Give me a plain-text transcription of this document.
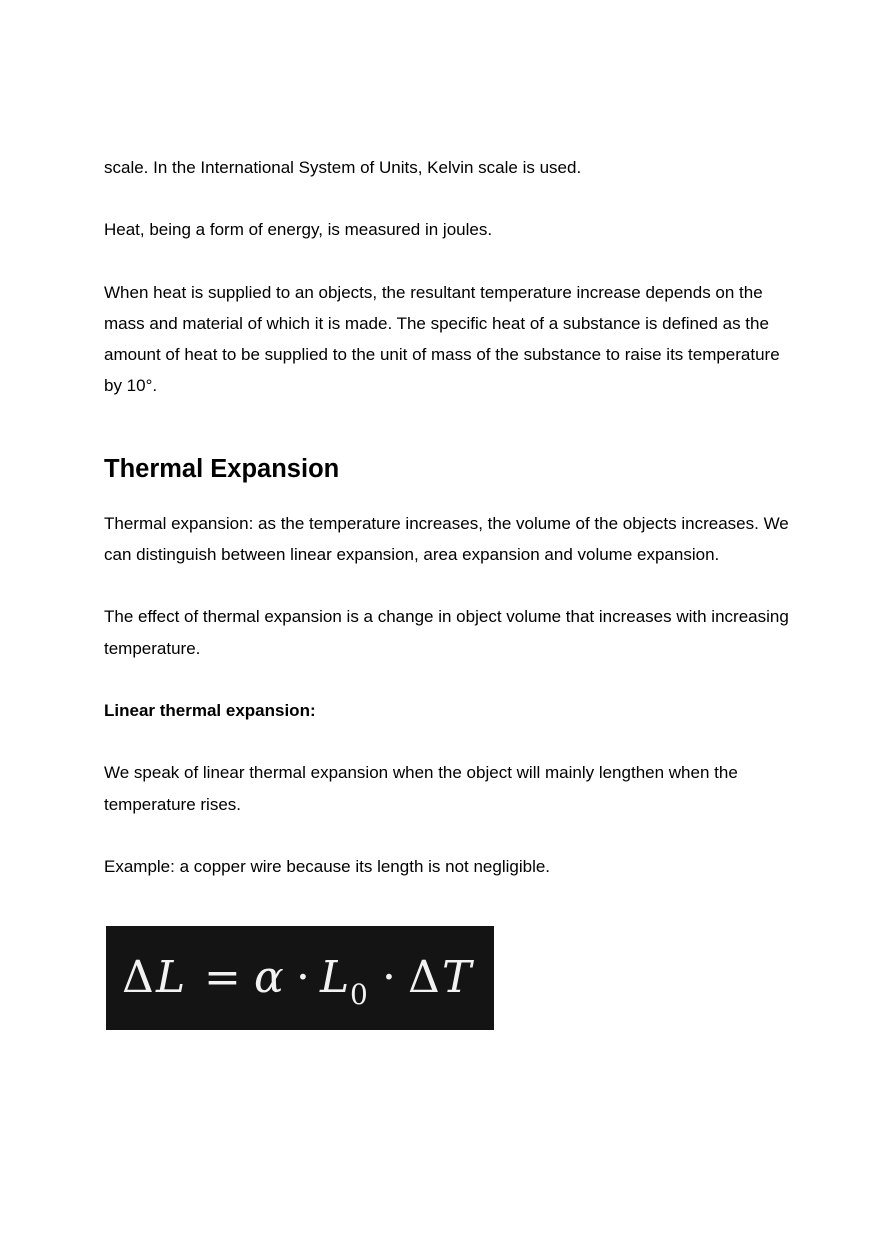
scale. In the International System of Units, Kelvin scale is used.

Heat, being a form of energy, is measured in joules.

When heat is supplied to an objects, the resultant temperature increase depends on the mass and material of which it is made. The specific heat of a substance is defined as the amount of heat to be supplied to the unit of mass of the substance to raise its temperature by 10°.

Thermal Expansion

Thermal expansion: as the temperature increases, the volume of the objects increases. We can distinguish between linear expansion, area expansion and volume expansion.

The effect of thermal expansion is a change in object volume that increases with increasing temperature.

Linear thermal expansion:

We speak of linear thermal expansion when the object will mainly lengthen when the temperature rises.

Example: a copper wire because its length is not negligible.

Δ L = α · L 0 · Δ T
